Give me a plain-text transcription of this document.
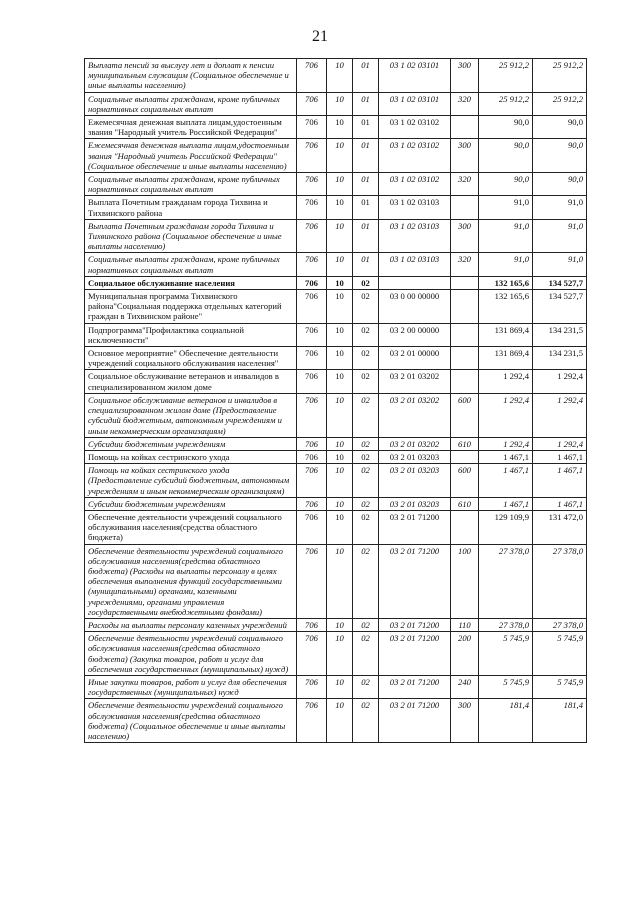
21
Выплата пенсий за выслугу лет и доплат к пенсии муниципальным служащим (Социальное обеспечение и иные выплаты населению)	706	10	01	03 1 02 03101	300	25 912,2	25 912,2
Социальные выплаты гражданам, кроме публичных нормативных социальных выплат	706	10	01	03 1 02 03101	320	25 912,2	25 912,2
Ежемесячная денежная выплата лицам,удостоенным звания "Народный учитель Российской Федерации"	706	10	01	03 1 02 03102		90,0	90,0
Ежемесячная денежная выплата лицам,удостоенным звания "Народный учитель Российской Федерации" (Социальное обеспечение и иные выплаты населению)	706	10	01	03 1 02 03102	300	90,0	90,0
Социальные выплаты гражданам, кроме публичных нормативных социальных выплат	706	10	01	03 1 02 03102	320	90,0	90,0
Выплата Почетным гражданам города Тихвина и Тихвинского района	706	10	01	03 1 02 03103		91,0	91,0
Выплата Почетным гражданам города Тихвина и Тихвинского района (Социальное обеспечение и иные выплаты населению)	706	10	01	03 1 02 03103	300	91,0	91,0
Социальные выплаты гражданам, кроме публичных нормативных социальных выплат	706	10	01	03 1 02 03103	320	91,0	91,0
Социальное обслуживание населения	706	10	02			132 165,6	134 527,7
Муниципальная программа Тихвинского района"Социальная поддержка отдельных категорий граждан в Тихвинском районе"	706	10	02	03 0 00 00000		132 165,6	134 527,7
Подпрограмма"Профилактика социальной исключенности"	706	10	02	03 2 00 00000		131 869,4	134 231,5
Основное мероприятие" Обеспечение деятельности учреждений социального обслуживания населения"	706	10	02	03 2 01 00000		131 869,4	134 231,5
Социальное обслуживание ветеранов и инвалидов в специализированном жилом доме	706	10	02	03 2 01 03202		1 292,4	1 292,4
Социальное обслуживание ветеранов и инвалидов в специализированном жилом доме (Предоставление субсидий бюджетным, автономным учреждениям и иным некоммерческим организациям)	706	10	02	03 2 01 03202	600	1 292,4	1 292,4
Субсидии бюджетным учреждениям	706	10	02	03 2 01 03202	610	1 292,4	1 292,4
Помощь на койках сестринского ухода	706	10	02	03 2 01 03203		1 467,1	1 467,1
Помощь на койках сестринского ухода (Предоставление субсидий бюджетным, автономным учреждениям и иным некоммерческим организациям)	706	10	02	03 2 01 03203	600	1 467,1	1 467,1
Субсидии бюджетным учреждениям	706	10	02	03 2 01 03203	610	1 467,1	1 467,1
Обеспечение деятельности учреждений социального обслуживания населения(средства областного бюджета)	706	10	02	03 2 01 71200		129 109,9	131 472,0
Обеспечение деятельности учреждений социального обслуживания населения(средства областного бюджета) (Расходы на выплаты персоналу в целях обеспечения выполнения функций государственными (муниципальными) органами, казенными учреждениями, органами управления государственными внебюджетными фондами)	706	10	02	03 2 01 71200	100	27 378,0	27 378,0
Расходы на выплаты персоналу казенных учреждений	706	10	02	03 2 01 71200	110	27 378,0	27 378,0
Обеспечение деятельности учреждений социального обслуживания населения(средства областного бюджета) (Закупка товаров, работ и услуг для обеспечения государственных (муниципальных) нужд)	706	10	02	03 2 01 71200	200	5 745,9	5 745,9
Иные закупки товаров, работ и услуг для обеспечения государственных (муниципальных) нужд	706	10	02	03 2 01 71200	240	5 745,9	5 745,9
Обеспечение деятельности учреждений социального обслуживания населения(средства областного бюджета) (Социальное обеспечение и иные выплаты населению)	706	10	02	03 2 01 71200	300	181,4	181,4
